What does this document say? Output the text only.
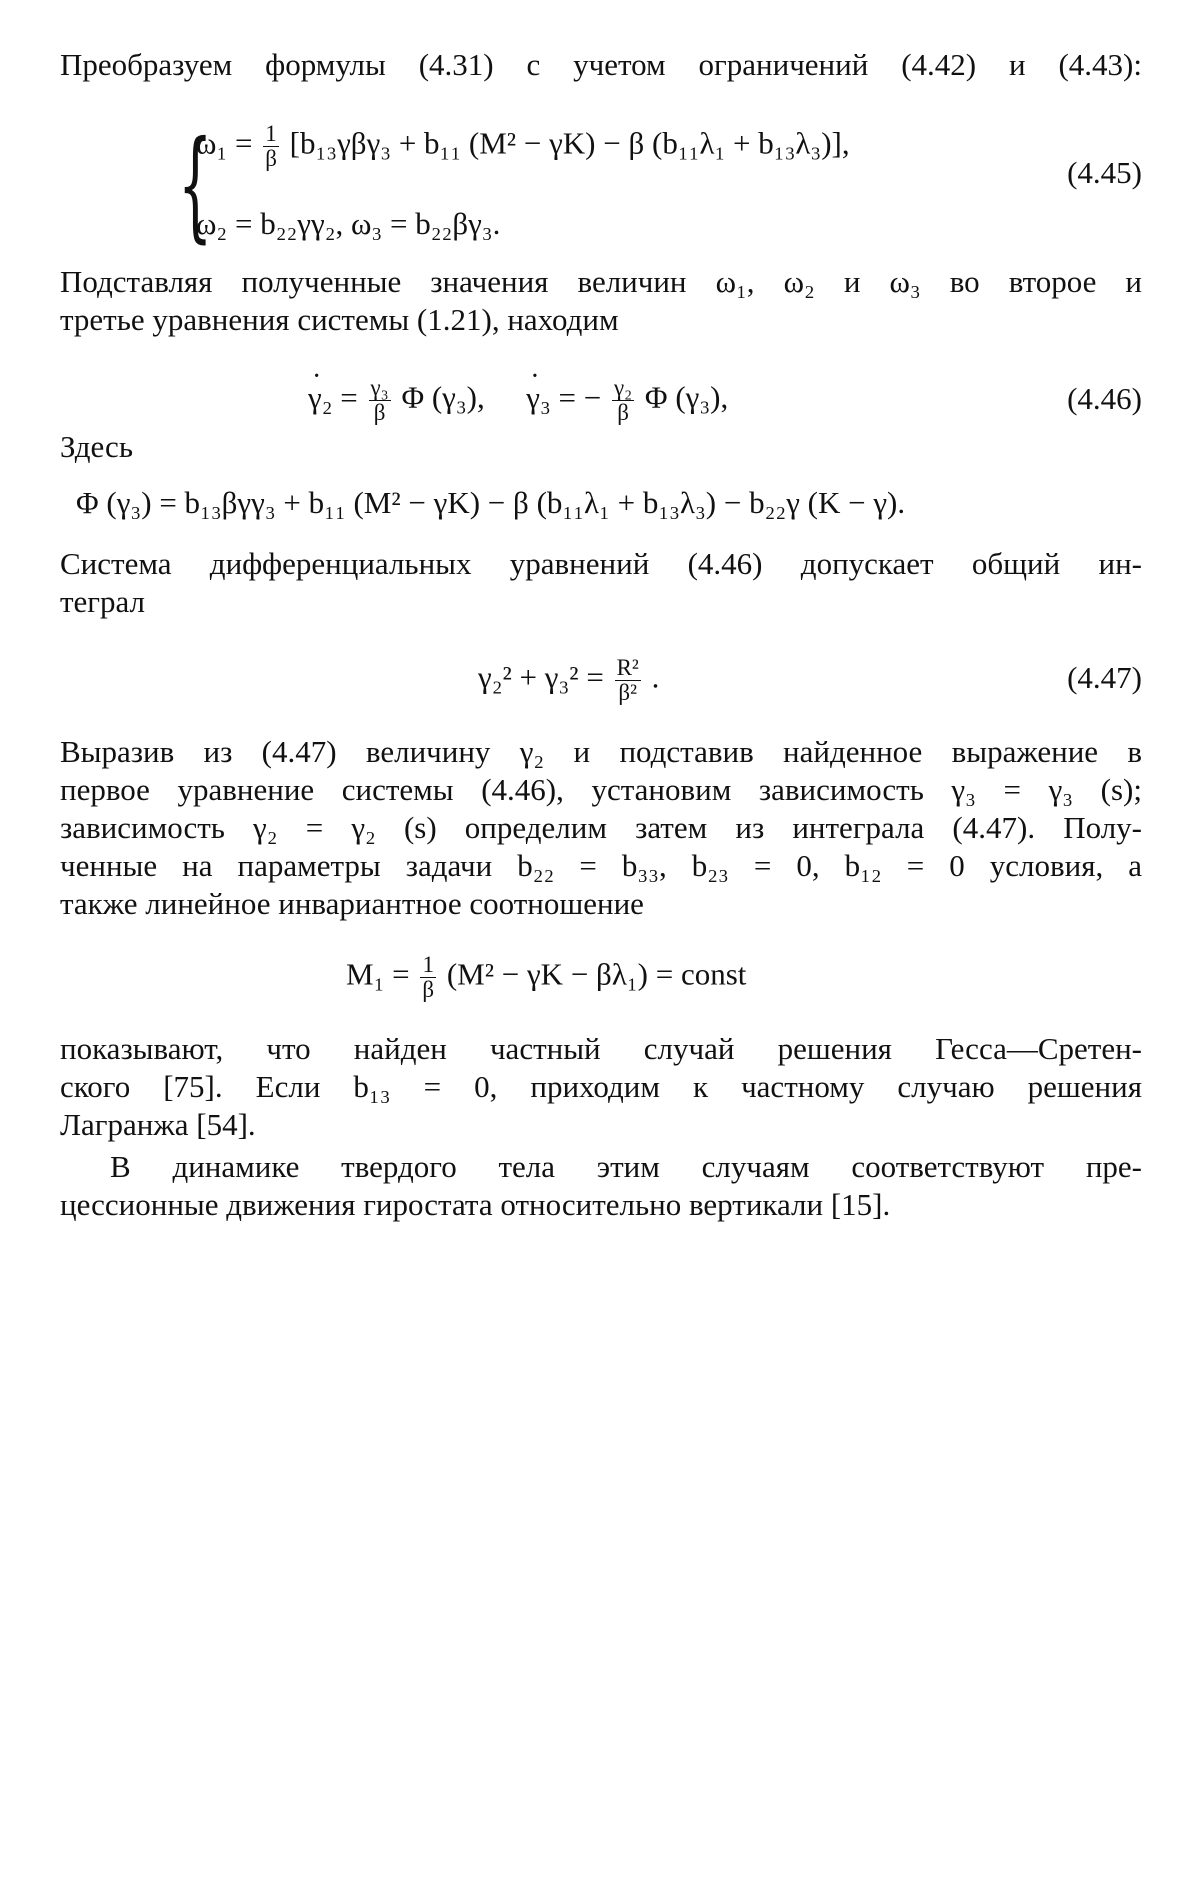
Преобразуем формулы (4.31) с учетом ограничений (4.42) и (4.43):
{
$\omega_1 = \frac{1}{\beta} [b_{13}\gamma\beta\gamma_3 + b_{11}$ (M² − γK) − β (b₁₁λ₁ + b₁₃λ₃)],
(4.45)
ω₂ = b₂₂γγ₂, ω₃ = b₂₂βγ₃.
Подставляя полученные значения величин ω₁, ω₂ и ω₃ во второе и
третье уравнения системы (1.21), находим
· $\gamma_2 = \frac{\text{γ₃}}{\beta}$ Φ (γ₃),  · γ₃ = − $\frac{\text{γ₂}}{\beta}$ Φ (γ₃),	(4.46)
Здесь
Φ (γ₃) = b₁₃βγγ₃ + b₁₁ (M² − γK) − β (b₁₁λ₁ + b₁₃λ₃) − b₂₂γ (K − γ).
Система дифференциальных уравнений (4.46) допускает общий ин-
теграл
$\gamma_2^2 + \gamma_3^2 = \frac{\text{R²}}{\text{β²}}$ .	(4.47)
Выразив из (4.47) величину γ₂ и подставив найденное выражение в
первое уравнение системы (4.46), установим зависимость γ₃ = γ₃ (s);
зависимость γ₂ = γ₂ (s) определим затем из интеграла (4.47). Полу-
ченные на параметры задачи b₂₂ = b₃₃, b₂₃ = 0, b₁₂ = 0 условия, а
также линейное инвариантное соотношение
$M_1 = \frac{1}{\beta} (M^2 - \gamma K - \beta\lambda_1)$ = const
показывают, что найден частный случай решения Гесса—Сретен-
ского [75]. Если b₁₃ = 0, приходим к частному случаю решения
Лагранжа [54].
В динамике твердого тела этим случаям соответствуют пре-
цессионные движения гиростата относительно вертикали [15].
